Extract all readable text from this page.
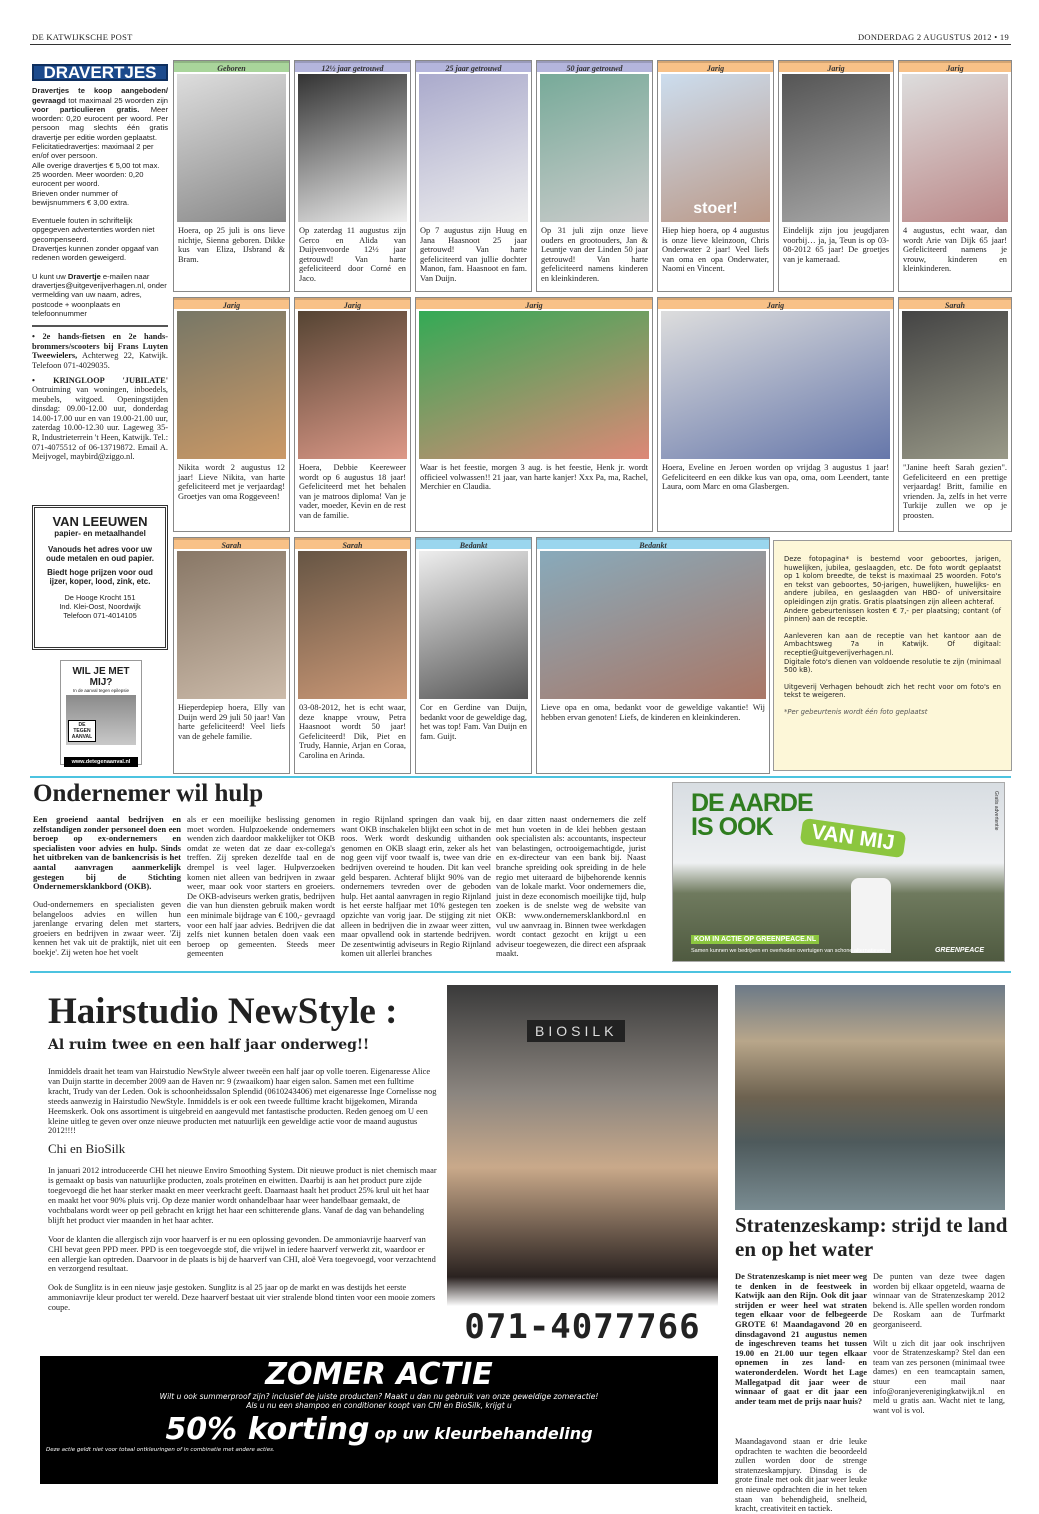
DE KATWIJKSCHE POST	DONDERDAG 2 AUGUSTUS 2012 • 19
DRAVERTJES

Dravertjes te koop aangeboden/ gevraagd tot maximaal 25 woorden zijn voor particulieren gratis. Meer woorden: 0,20 eurocent per woord. Per persoon mag slechts één gratis dravertje per editie worden geplaatst.

Felicitatiedravertjes: maximaal 2 per en/of over persoon.

Alle overige dravertjes € 5,00 tot max. 25 woorden. Meer woorden: 0,20 eurocent per woord.

Brieven onder nummer of bewijsnummers € 3,00 extra.

Eventuele fouten in schriftelijk opgegeven advertenties worden niet gecompenseerd.

Dravertjes kunnen zonder opgaaf van redenen worden geweigerd.

U kunt uw Dravertje e-mailen naar dravertjes@uitgeverijverhagen.nl, onder vermelding van uw naam, adres, postcode + woonplaats en telefoonnummer

• 2e hands-fietsen en 2e hands-brommers/scooters bij Frans Luyten Tweewielers, Achterweg 22, Katwijk. Telefoon 071-4029035.

• KRINGLOOP 'JUBILATE' Ontruiming van woningen, inboedels, meubels, witgoed. Openingstijden dinsdag: 09.00-12.00 uur, donderdag 14.00-17.00 uur en van 19.00-21.00 uur, zaterdag 10.00-12.30 uur. Lageweg 35-R, Industrieterrein 't Heen, Katwijk. Tel.: 071-4075512 of 06-13719872. Email A. Meijvogel, maybird@ziggo.nl.

VAN LEEUWEN
papier- en metaalhandel
Vanouds het adres voor uw oude metalen en oud papier.
Biedt hoge prijzen voor oud ijzer, koper, lood, zink, etc.
De Hooge Krocht 151
Ind. Klei-Oost, Noordwijk
Telefoon 071-4014105
WIL JE MET MIJ?
In de aanval tegen epilepsie
DE TEGEN AANVAL
www.detegenaanval.nl
Geboren
Hoera, op 25 juli is ons lieve nichtje, Sienna geboren. Dikke kus van Eliza, IJsbrand & Bram.
12½ jaar getrouwd
Op zaterdag 11 augustus zijn Gerco en Alida van Duijvenvoorde 12½ jaar getrouwd! Van harte gefeliciteerd door Corné en Jaco.
25 jaar getrouwd
Op 7 augustus zijn Huug en Jana Haasnoot 25 jaar getrouwd! Van harte gefeliciteerd van jullie dochter Manon, fam. Haasnoot en fam. Van Duijn.
50 jaar getrouwd
Op 31 juli zijn onze lieve ouders en grootouders, Jan & Leuntje van der Linden 50 jaar getrouwd! Van harte gefeliciteerd namens kinderen en kleinkinderen.
Jarig
stoer!
Hiep hiep hoera, op 4 augustus is onze lieve kleinzoon, Chris Onderwater 2 jaar! Veel liefs van oma en opa Onderwater, Naomi en Vincent.
Jarig
Eindelijk zijn jou jeugdjaren voorbij… ja, ja, Teun is op 03-08-2012 65 jaar! De groetjes van je kameraad.
Jarig
4 augustus, echt waar, dan wordt Arie van Dijk 65 jaar! Gefeliciteerd namens je vrouw, kinderen en kleinkinderen.
Jarig
Nikita wordt 2 augustus 12 jaar! Lieve Nikita, van harte gefeliciteerd met je verjaardag! Groetjes van oma Roggeveen!
Jarig
Hoera, Debbie Keereweer wordt op 6 augustus 18 jaar! Gefeliciteerd met het behalen van je matroos diploma! Van je vader, moeder, Kevin en de rest van de familie.
Jarig
Waar is het feestie, morgen 3 aug. is het feestie, Henk jr. wordt officieel volwassen!! 21 jaar, van harte kanjer! Xxx Pa, ma, Rachel, Merchier en Claudia.
Jarig
Hoera, Eveline en Jeroen worden op vrijdag 3 augustus 1 jaar! Gefeliciteerd en een dikke kus van opa, oma, oom Leendert, tante Laura, oom Marc en oma Glasbergen.
Sarah
"Janine heeft Sarah gezien". Gefeliciteerd en een prettige verjaardag! Britt, familie en vrienden. Ja, zelfs in het verre Turkije zullen we op je proosten.
Sarah
Hieperdepiep hoera, Elly van Duijn werd 29 juli 50 jaar! Van harte gefeliciteerd! Veel liefs van de gehele familie.
Sarah
03-08-2012, het is echt waar, deze knappe vrouw, Petra Haasnoot wordt 50 jaar! Gefeliciteerd! Dik, Piet en Trudy, Hannie, Arjan en Coraa, Carolina en Arinda.
Bedankt
Cor en Gerdine van Duijn, bedankt voor de geweldige dag, het was top! Fam. Van Duijn en fam. Guijt.
Bedankt
Lieve opa en oma, bedankt voor de geweldige vakantie! Wij hebben ervan genoten! Liefs, de kinderen en kleinkinderen.

Deze fotopagina* is bestemd voor geboortes, jarigen, huwelijken, jubilea, geslaagden, etc. De foto wordt geplaatst op 1 kolom breedte, de tekst is maximaal 25 woorden. Foto's en tekst van geboortes, 50-jarigen, huwelijken, huwelijks- en andere jubilea, en geslaagden van HBO- of universitaire opleidingen zijn gratis. Gratis plaatsingen zijn alleen achteraf.

Andere gebeurtenissen kosten € 7,- per plaatsing; contant (of pinnen) aan de receptie.

Aanleveren kan aan de receptie van het kantoor aan de Ambachtsweg 7a in Katwijk. Of digitaal: receptie@uitgeverijverhagen.nl.

Digitale foto's dienen van voldoende resolutie te zijn (minimaal 500 kB).

Uitgeverij Verhagen behoudt zich het recht voor om foto's en tekst te weigeren.

*Per gebeurtenis wordt één foto geplaatst

Ondernemer wil hulp
Een groeiend aantal bedrijven en zelfstandigen zonder personeel doen een beroep op ex-ondernemers en specialisten voor advies en hulp. Sinds het uitbreken van de bankencrisis is het aantal aanvragen aanmerkelijk gestegen bij de Stichting Ondernemersklankbord (OKB).
Oud-ondernemers en specialisten geven belangeloos advies en willen hun jarenlange ervaring delen met starters, groeiers en bedrijven in zwaar weer. 'Zij kennen het vak uit de praktijk, niet uit een boekje'. Zij weten hoe het voelt
als er een moeilijke beslissing genomen moet worden. Hulpzoekende ondernemers wenden zich daardoor makkelijker tot OKB omdat ze weten dat ze daar ex-collega's treffen. Zij spreken dezelfde taal en de drempel is veel lager. Hulpverzoeken komen niet alleen van bedrijven in zwaar weer, maar ook voor starters en groeiers. De OKB-adviseurs werken gratis, bedrijven die van hun diensten gebruik maken wordt een minimale bijdrage van € 100,- gevraagd voor een half jaar advies. Bedrijven die dat zelfs niet kunnen betalen doen vaak een beroep op gemeenten. Steeds meer gemeenten
in regio Rijnland springen dan vaak bij, want OKB inschakelen blijkt een schot in de roos. Werk wordt deskundig uithanden genomen en OKB slaagt erin, zeker als het nog geen vijf voor twaalf is, twee van drie bedrijven overeind te houden. Dit kan veel geld besparen. Achteraf blijkt 90% van de ondernemers tevreden over de geboden hulp. Het aantal aanvragen in regio Rijnland is het eerste halfjaar met 10% gestegen ten opzichte van vorig jaar. De stijging zit niet alleen in bedrijven die in zwaar weer zitten, maar opvallend ook in startende bedrijven. De zesentwintig adviseurs in Regio Rijnland komen uit allerlei branches
en daar zitten naast ondernemers die zelf met hun voeten in de klei hebben gestaan ook specialisten als: accountants, inspecteur van belastingen, octrooigemachtigde, jurist en ex-directeur van een bank bij. Naast branche spreiding ook spreiding in de hele regio met uiteraard de bijbehorende kennis van de lokale markt. Voor ondernemers die, juist in deze economisch moeilijke tijd, hulp zoeken is de snelste weg de website van OKB: www.ondernemersklankbord.nl en vul uw aanvraag in. Binnen twee werkdagen wordt contact gezocht en krijgt u een adviseur toegewezen, die direct een afspraak maakt.
DE AARDE
IS OOK	VAN MIJ
Gratis advertentie
KOM IN ACTIE OP GREENPEACE.NL
Samen kunnen we bedrijven en overheden overtuigen van schone alternatieven.	GREENPEACE
Hairstudio NewStyle :
Al ruim twee en een half jaar onderweg!!

Inmiddels draait het team van Hairstudio NewStyle alweer tweeën een half jaar op volle toeren. Eigenaresse Alice van Duijn startte in december 2009 aan de Haven nr: 9 (zwaaikom) haar eigen salon. Samen met een fulltime kracht, Trudy van der Leden. Ook is schoonheidssalon Splendid (0610243406) met eigenaresse Inge Cornelisse nog steeds aanwezig in Hairstudio NewStyle. Inmiddels is er ook een tweede fulltime kracht bijgekomen, Miranda Heemskerk. Ook ons assortiment is uitgebreid en aangevuld met fantastische producten. Reden genoeg om U een kleine uitleg te geven over onze nieuwe producten met natuurlijk een geweldige actie voor de maand augustus 2012!!!!

Chi en BioSilk

In januari 2012 introduceerde CHI het nieuwe Enviro Smoothing System. Dit nieuwe product is niet chemisch maar is gemaakt op basis van natuurlijke producten, zoals proteïnen en eiwitten. Daarbij is aan het product pure zijde toegevoegd die het haar sterker maakt en meer veerkracht geeft. Daarnaast haalt het product 25% krul uit het haar en maakt het voor 90% pluis vrij. Op deze manier wordt onhandelbaar haar weer handelbaar gemaakt, de vochtbalans wordt weer op peil gebracht en krijgt het haar een schitterende glans. Vanaf de dag van behandeling blijft het product vier maanden in het haar achter.

Voor de klanten die allergisch zijn voor haarverf is er nu een oplossing gevonden. De ammoniavrije haarverf van CHI bevat geen PPD meer. PPD is een toegevoegde stof, die vrijwel in iedere haarverf verwerkt zit, waardoor er een allergie kan optreden. Daarvoor in de plaats is bij de haarverf van CHI, aloë Vera toegevoegd, voor verzachtend en verzorgend resultaat.

Ook de Sunglitz is in een nieuw jasje gestoken. Sunglitz is al 25 jaar op de markt en was destijds het eerste ammoniavrije kleur product ter wereld. Deze haarverf bestaat uit vier stralende blond tinten voor een mooie zomers coupe.

BIOSILK
071-4077766
ZOMER ACTIE
Wilt u ook summerproof zijn? inclusief de juiste producten? Maakt u dan nu gebruik van onze geweldige zomeractie!
Als u nu een shampoo en conditioner koopt van CHI en BioSilk, krijgt u
50% korting op uw kleurbehandeling
Deze actie geldt niet voor totaal ontkleuringen of in combinatie met andere acties.
Stratenzeskamp: strijd te land en op het water
De Stratenzeskamp is niet meer weg te denken in de feestweek in Katwijk aan den Rijn. Ook dit jaar strijden er weer heel wat straten tegen elkaar voor de felbegeerde GROTE 6! Maandagavond 20 en dinsdagavond 21 augustus nemen de ingeschreven teams het tussen 19.00 en 21.00 uur tegen elkaar opnemen in zes land- en wateronderdelen. Wordt het Lage Mallegatpad dit jaar weer de winnaar of gaat er dit jaar een ander team met de prijs naar huis?
Maandagavond staan er drie leuke opdrachten te wachten die beoordeeld zullen worden door de strenge stratenzeskampjury. Dinsdag is de grote finale met ook dit jaar weer leuke en nieuwe opdrachten die in het teken staan van behendigheid, snelheid, kracht, creativiteit en tactiek.

De punten van deze twee dagen worden bij elkaar opgeteld, waarna de winnaar van de Stratenzeskamp 2012 bekend is. Alle spellen worden rondom De Roskam aan de Turfmarkt georganiseerd.

Wilt u zich dit jaar ook inschrijven voor de Stratenzeskamp? Stel dan een team van zes personen (minimaal twee dames) en een teamcaptain samen, stuur een mail naar info@oranjeverenigingkatwijk.nl en meld u gratis aan. Wacht niet te lang, want vol is vol.
